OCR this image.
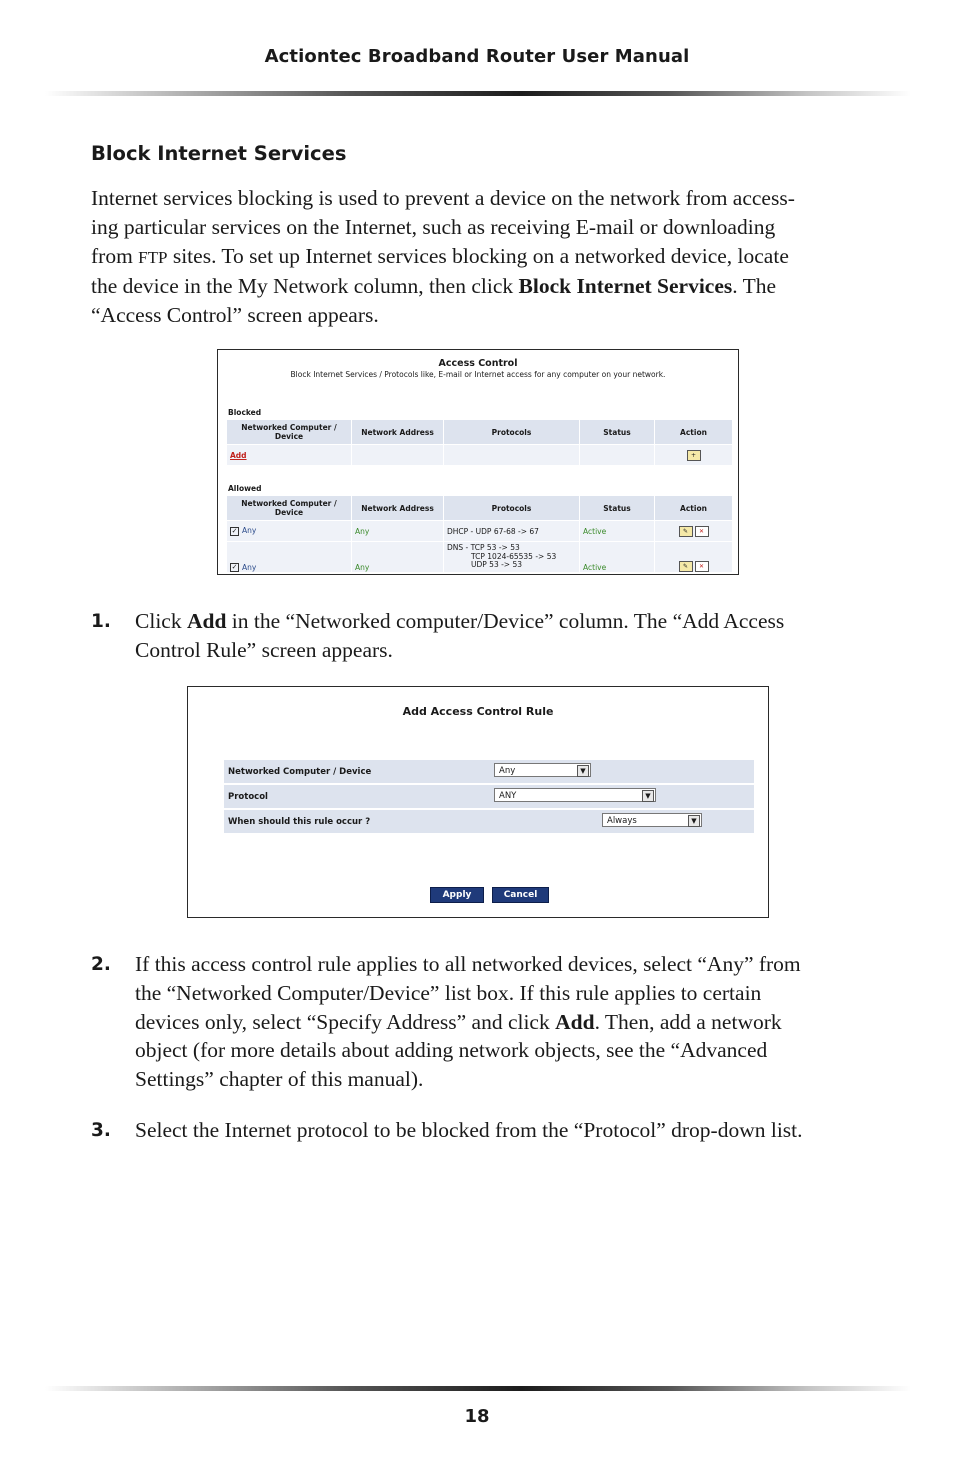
Actiontec Broadband Router User Manual
Block Internet Services
Internet services blocking is used to prevent a device on the network from access-
ing particular services on the Internet, such as receiving E-mail or downloading
from FTP sites. To set up Internet services blocking on a networked device, locate
the device in the My Network column, then click Block Internet Services. The
“Access Control” screen appears.
Access Control
Block Internet Services / Protocols like, E-mail or Internet access for any computer on your network.
Blocked
Networked Computer / Device	Network Address	Protocols	Status	Action
Add				+
Allowed
Networked Computer / Device	Network Address	Protocols	Status	Action
✓ Any	Any	DHCP - UDP 67-68 -> 67	Active	✎ ✕
✓ Any	Any	DNS - TCP 53 -> 53
TCP 1024-65535 -> 53
UDP 53 -> 53	Active	✎ ✕
1. Click Add in the “Networked computer/Device” column. The “Add Access
Control Rule” screen appears.
Add Access Control Rule
Networked Computer / Device	Any	▼
Protocol	ANY	▼
When should this rule occur ?	Always	▼
Apply	Cancel
2. If this access control rule applies to all networked devices, select “Any” from
the “Networked Computer/Device” list box. If this rule applies to certain
devices only, select “Specify Address” and click Add. Then, add a network
object (for more details about adding network objects, see the “Advanced
Settings” chapter of this manual).
3. Select the Internet protocol to be blocked from the “Protocol” drop-down list.
18
